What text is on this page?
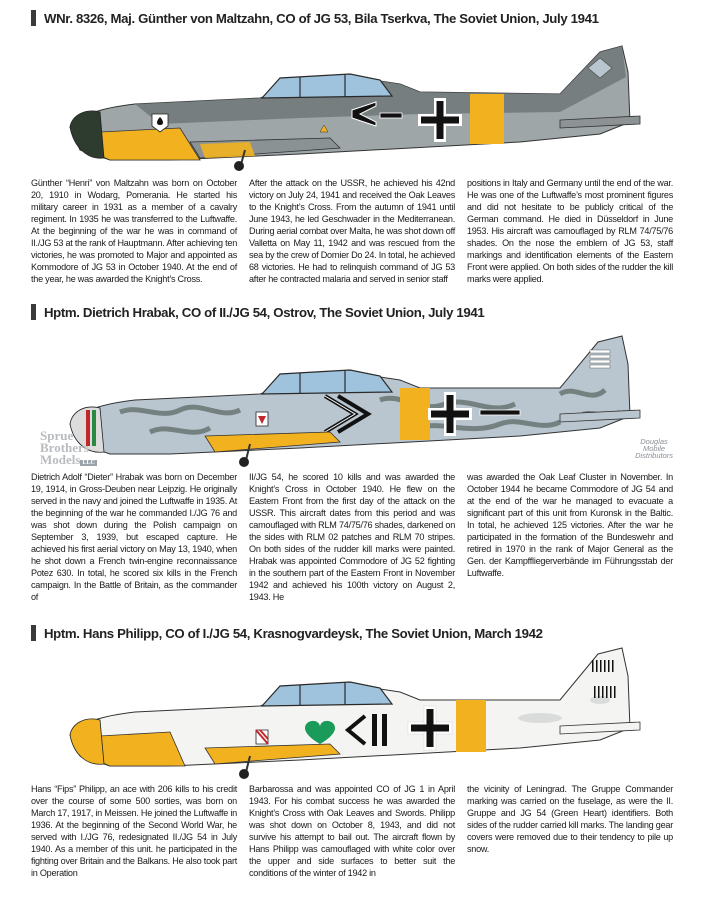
WNr. 8326, Maj. Günther von Maltzahn, CO of JG 53, Bila Tserkva, The Soviet Union, July 1941
Günther “Henri” von Maltzahn was born on October 20, 1910 in Wodarg, Pomerania. He started his military career in 1931 as a member of a cavalry regiment. In 1935 he was transferred to the Luftwaffe. At the beginning of the war he was in command of II./JG 53 at the rank of Hauptmann. After achieving ten victories, he was promoted to Major and appointed as Kommodore of JG 53 in October 1940. At the end of the year, he was awarded the Knight’s Cross.
After the attack on the USSR, he achieved his 42nd victory on July 24, 1941 and received the Oak Leaves to the Knight’s Cross. From the autumn of 1941 until June 1943, he led Geschwader in the Mediterranean. During aerial combat over Malta, he was shot down off Valletta on May 11, 1942 and was rescued from the sea by the crew of Dornier Do 24. In total, he achieved 68 victories. He had to relinquish command of JG 53 after he contracted malaria and served in senior staff
positions in Italy and Germany until the end of the war. He was one of the Luftwaffe’s most prominent figures and did not hesitate to be publicly critical of the German command. He died in Düsseldorf in June 1953. His aircraft was camouflaged by RLM 74/75/76 shades. On the nose the emblem of JG 53, staff markings and identification elements of the Eastern Front were applied. On both sides of the rudder the kill marks were applied.
Hptm. Dietrich Hrabak, CO of II./JG 54, Ostrov, The Soviet Union, July 1941
Sprue
Brothers
Models LLC
Douglas
Mobile
Distributors
Dietrich Adolf “Dieter” Hrabak was born on December 19, 1914, in Gross-Deuben near Leipzig. He originally served in the navy and joined the Luftwaffe in 1935. At the beginning of the war he commanded I./JG 76 and was shot down during the Polish campaign on September 3, 1939, but escaped capture. He achieved his first aerial victory on May 13, 1940, when he shot down a French twin-engine reconnaissance Potez 630. In total, he scored six kills in the French campaign. In the Battle of Britain, as the commander of
II/JG 54, he scored 10 kills and was awarded the Knight’s Cross in October 1940. He flew on the Eastern Front from the first day of the attack on the USSR. This aircraft dates from this period and was camouflaged with RLM 74/75/76 shades, darkened on the sides with RLM 02 patches and RLM 70 stripes. On both sides of the rudder kill marks were painted. Hrabak was appointed Commodore of JG 52 fighting in the southern part of the Eastern Front in November 1942 and achieved his 100th victory on August 2, 1943. He
was awarded the Oak Leaf Cluster in November. In October 1944 he became Commodore of JG 54 and at the end of the war he managed to evacuate a significant part of this unit from Kuronsk in the Baltic. In total, he achieved 125 victories. After the war he participated in the formation of the Bundeswehr and retired in 1970 in the rank of Major General as the Gen. der Kampffliegerverbände im Führungsstab der Luftwaffe.
Hptm. Hans Philipp, CO of I./JG 54, Krasnogvardeysk, The Soviet Union, March 1942
Hans “Fips” Philipp, an ace with 206 kills to his credit over the course of some 500 sorties, was born on March 17, 1917, in Meissen. He joined the Luftwaffe in 1936. At the beginning of the Second World War, he served with I./JG 76, redesignated II./JG 54 in July 1940. As a member of this unit. he participated in the fighting over Britain and the Balkans. He also took part in Operation
Barbarossa and was appointed CO of JG 1 in April 1943. For his combat success he was awarded the Knight’s Cross with Oak Leaves and Swords. Philipp was shot down on October 8, 1943, and did not survive his attempt to bail out. The aircraft flown by Hans Philipp was camouflaged with white color over the upper and side surfaces to better suit the conditions of the winter of 1942 in
the vicinity of Leningrad. The Gruppe Commander marking was carried on the fuselage, as were the II. Gruppe and JG 54 (Green Heart) identifiers. Both sides of the rudder carried kill marks. The landing gear covers were removed due to their tendency to pile up snow.
